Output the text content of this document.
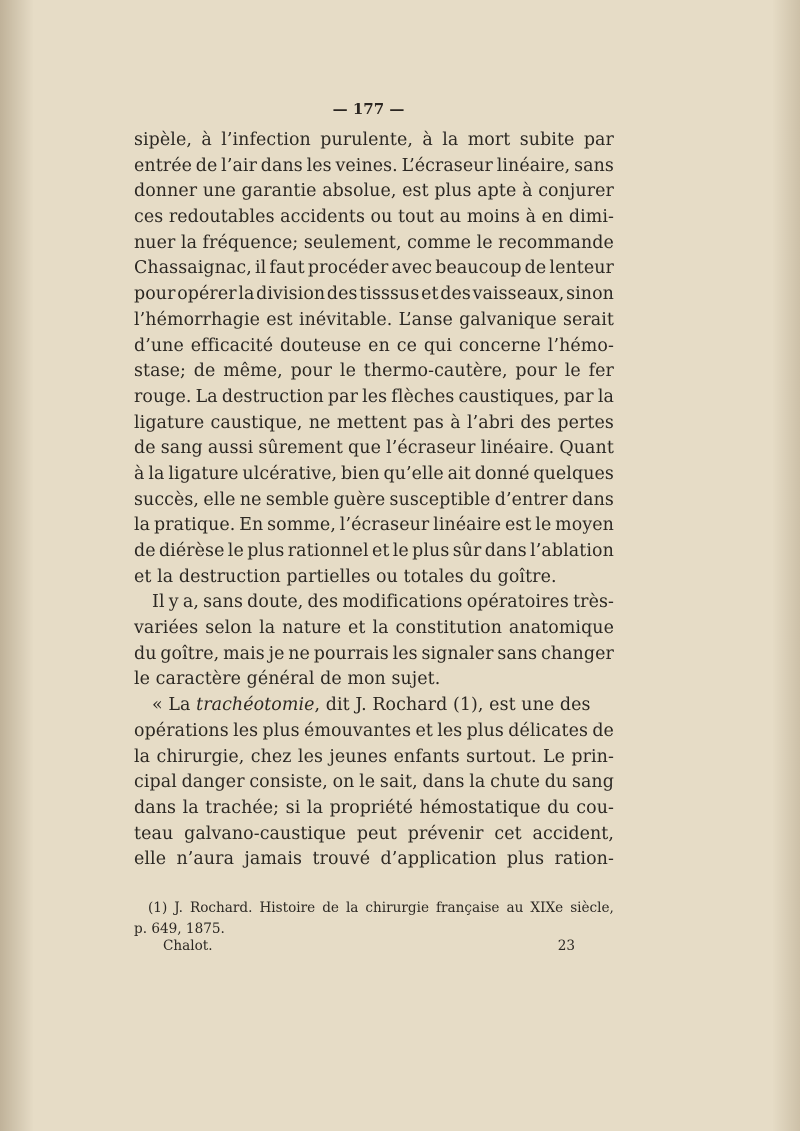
— 177 —
sipèle, à l’infection purulente, à la mort subite par
entrée de l’air dans les veines. L’écraseur linéaire, sans
donner une garantie absolue, est plus apte à conjurer
ces redoutables accidents ou tout au moins à en dimi-
nuer la fréquence; seulement, comme le recommande
Chassaignac, il faut procéder avec beaucoup de lenteur
pour opérer la division des tisssus et des vaisseaux, sinon
l’hémorrhagie est inévitable. L’anse galvanique serait
d’une efficacité douteuse en ce qui concerne l’hémo-
stase; de même, pour le thermo-cautère, pour le fer
rouge. La destruction par les flèches caustiques, par la
ligature caustique, ne mettent pas à l’abri des pertes
de sang aussi sûrement que l’écraseur linéaire. Quant
à la ligature ulcérative, bien qu’elle ait donné quelques
succès, elle ne semble guère susceptible d’entrer dans
la pratique. En somme, l’écraseur linéaire est le moyen
de diérèse le plus rationnel et le plus sûr dans l’ablation
et la destruction partielles ou totales du goître.
Il y a, sans doute, des modifications opératoires très-
variées selon la nature et la constitution anatomique
du goître, mais je ne pourrais les signaler sans changer
le caractère général de mon sujet.
« La trachéotomie , dit J. Rochard (1), est une des
opérations les plus émouvantes et les plus délicates de
la chirurgie, chez les jeunes enfants surtout. Le prin-
cipal danger consiste, on le sait, dans la chute du sang
dans la trachée; si la propriété hémostatique du cou-
teau galvano-caustique peut prévenir cet accident,
elle n’aura jamais trouvé d’application plus ration-
(1) J. Rochard. Histoire de la chirurgie française au XIXe siècle,
p. 649, 1875.
Chalot.	23
